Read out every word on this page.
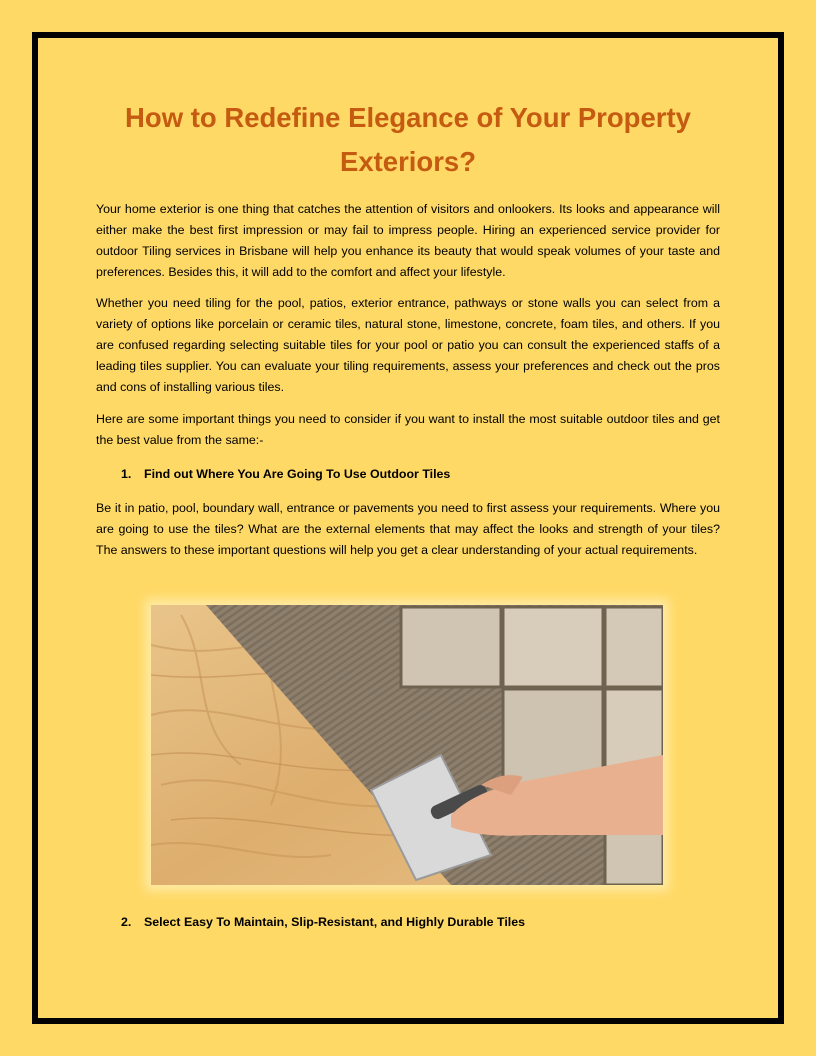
How to Redefine Elegance of Your Property Exteriors?

Your home exterior is one thing that catches the attention of visitors and onlookers. Its looks and appearance will either make the best first impression or may fail to impress people. Hiring an experienced service provider for outdoor Tiling services in Brisbane will help you enhance its beauty that would speak volumes of your taste and preferences. Besides this, it will add to the comfort and affect your lifestyle.

Whether you need tiling for the pool, patios, exterior entrance, pathways or stone walls you can select from a variety of options like porcelain or ceramic tiles, natural stone, limestone, concrete, foam tiles, and others. If you are confused regarding selecting suitable tiles for your pool or patio you can consult the experienced staffs of a leading tiles supplier. You can evaluate your tiling requirements, assess your preferences and check out the pros and cons of installing various tiles.

Here are some important things you need to consider if you want to install the most suitable outdoor tiles and get the best value from the same:-

1. Find out Where You Are Going To Use Outdoor Tiles

Be it in patio, pool, boundary wall, entrance or pavements you need to first assess your requirements. Where you are going to use the tiles? What are the external elements that may affect the looks and strength of your tiles? The answers to these important questions will help you get a clear understanding of your actual requirements.

2. Select Easy To Maintain, Slip-Resistant, and Highly Durable Tiles
